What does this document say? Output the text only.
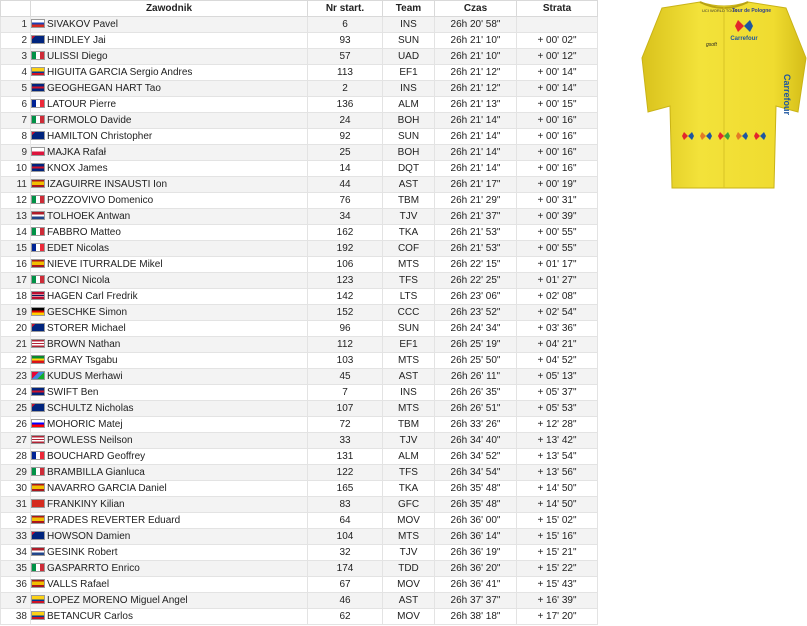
	Zawodnik	Nr start.	Team	Czas	Strata
1	SIVAKOV Pavel	6	INS	26h 20' 58"	
2	HINDLEY Jai	93	SUN	26h 21' 10"	+ 00' 02"
3	ULISSI Diego	57	UAD	26h 21' 10"	+ 00' 12"
4	HIGUITA GARCIA Sergio Andres	113	EF1	26h 21' 12"	+ 00' 14"
5	GEOGHEGAN HART Tao	2	INS	26h 21' 12"	+ 00' 14"
6	LATOUR Pierre	136	ALM	26h 21' 13"	+ 00' 15"
7	FORMOLO Davide	24	BOH	26h 21' 14"	+ 00' 16"
8	HAMILTON Christopher	92	SUN	26h 21' 14"	+ 00' 16"
9	MAJKA Rafał	25	BOH	26h 21' 14"	+ 00' 16"
10	KNOX James	14	DQT	26h 21' 14"	+ 00' 16"
11	IZAGUIRRE INSAUSTI Ion	44	AST	26h 21' 17"	+ 00' 19"
12	POZZOVIVO Domenico	76	TBM	26h 21' 29"	+ 00' 31"
13	TOLHOEK Antwan	34	TJV	26h 21' 37"	+ 00' 39"
14	FABBRO Matteo	162	TKA	26h 21' 53"	+ 00' 55"
15	EDET Nicolas	192	COF	26h 21' 53"	+ 00' 55"
16	NIEVE ITURRALDE Mikel	106	MTS	26h 22' 15"	+ 01' 17"
17	CONCI Nicola	123	TFS	26h 22' 25"	+ 01' 27"
18	HAGEN Carl Fredrik	142	LTS	26h 23' 06"	+ 02' 08"
19	GESCHKE Simon	152	CCC	26h 23' 52"	+ 02' 54"
20	STORER Michael	96	SUN	26h 24' 34"	+ 03' 36"
21	BROWN Nathan	112	EF1	26h 25' 19"	+ 04' 21"
22	GRMAY Tsgabu	103	MTS	26h 25' 50"	+ 04' 52"
23	KUDUS Merhawi	45	AST	26h 26' 11"	+ 05' 13"
24	SWIFT Ben	7	INS	26h 26' 35"	+ 05' 37"
25	SCHULTZ Nicholas	107	MTS	26h 26' 51"	+ 05' 53"
26	MOHORIC Matej	72	TBM	26h 33' 26"	+ 12' 28"
27	POWLESS Neilson	33	TJV	26h 34' 40"	+ 13' 42"
28	BOUCHARD Geoffrey	131	ALM	26h 34' 52"	+ 13' 54"
29	BRAMBILLA Gianluca	122	TFS	26h 34' 54"	+ 13' 56"
30	NAVARRO GARCIA Daniel	165	TKA	26h 35' 48"	+ 14' 50"
31	FRANKINY Kilian	83	GFC	26h 35' 48"	+ 14' 50"
32	PRADES REVERTER Eduard	64	MOV	26h 36' 00"	+ 15' 02"
33	HOWSON Damien	104	MTS	26h 36' 14"	+ 15' 16"
34	GESINK Robert	32	TJV	26h 36' 19"	+ 15' 21"
35	GASPARRTO Enrico	174	TDD	26h 36' 20"	+ 15' 22"
36	VALLS Rafael	67	MOV	26h 36' 41"	+ 15' 43"
37	LOPEZ MORENO Miguel Angel	46	AST	26h 37' 37"	+ 16' 39"
38	BETANCUR Carlos	62	MOV	26h 38' 18"	+ 17' 20"
UCI WORLD TOUR
Tour de Pologne
Carrefour
gsoft
Carrefour
